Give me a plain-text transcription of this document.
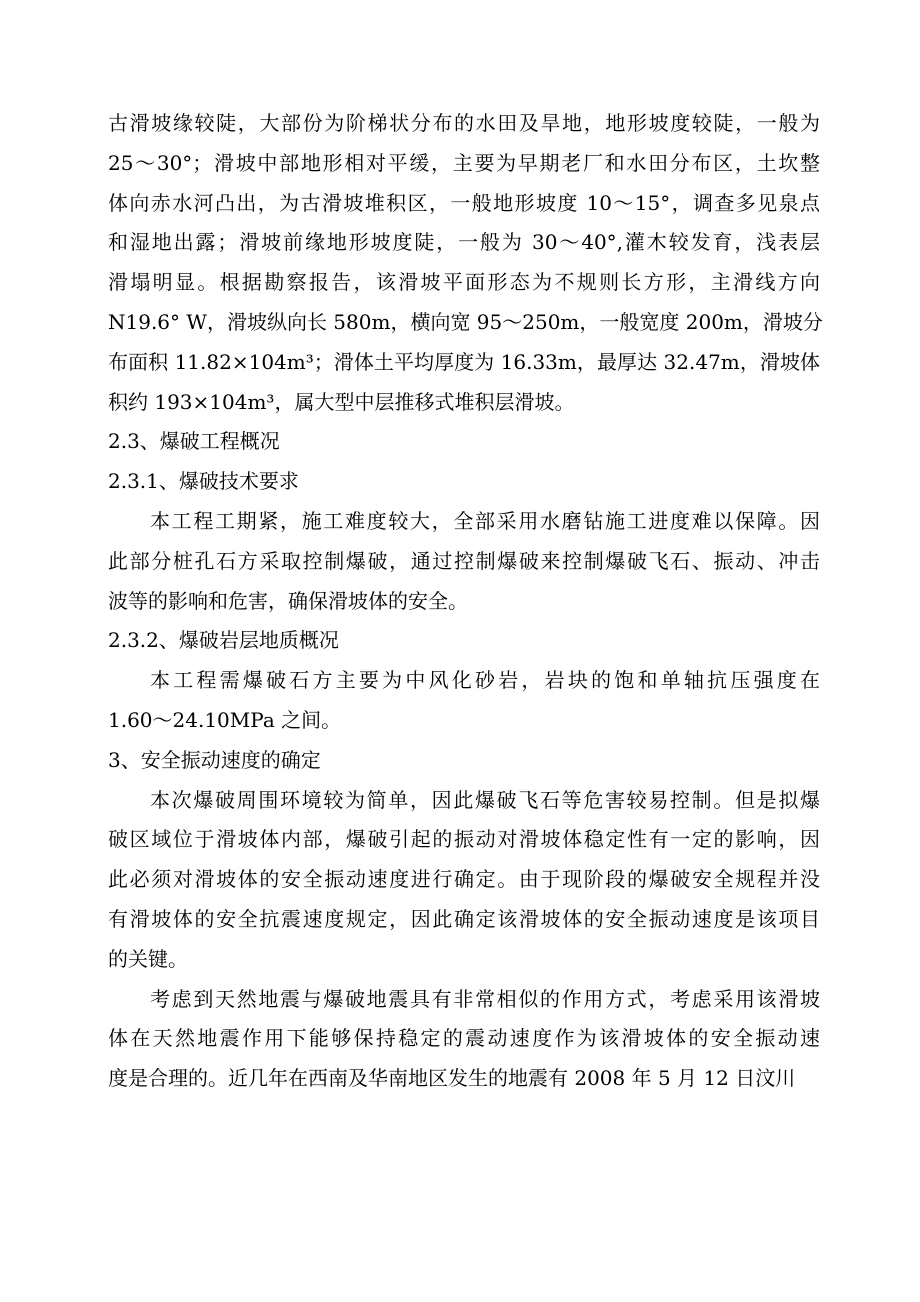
古滑坡缘较陡，大部份为阶梯状分布的水田及旱地，地形坡度较陡，一般为
25～30°；滑坡中部地形相对平缓，主要为早期老厂和水田分布区，土坎整
体向赤水河凸出，为古滑坡堆积区，一般地形坡度 10～15°，调查多见泉点
和湿地出露；滑坡前缘地形坡度陡，一般为 30～40°,灌木较发育，浅表层
滑塌明显。根据勘察报告，该滑坡平面形态为不规则长方形，主滑线方向
N19.6° W，滑坡纵向长 580m，横向宽 95～250m，一般宽度 200m，滑坡分
布面积 11.82×104m³；滑体土平均厚度为 16.33m，最厚达 32.47m，滑坡体
积约 193×104m³，属大型中层推移式堆积层滑坡。
2.3、爆破工程概况
2.3.1、爆破技术要求
本工程工期紧，施工难度较大，全部采用水磨钻施工进度难以保障。因
此部分桩孔石方采取控制爆破，通过控制爆破来控制爆破飞石、振动、冲击
波等的影响和危害，确保滑坡体的安全。
2.3.2、爆破岩层地质概况
本工程需爆破石方主要为中风化砂岩，岩块的饱和单轴抗压强度在
1.60～24.10MPa 之间。
3、安全振动速度的确定
本次爆破周围环境较为简单，因此爆破飞石等危害较易控制。但是拟爆
破区域位于滑坡体内部，爆破引起的振动对滑坡体稳定性有一定的影响，因
此必须对滑坡体的安全振动速度进行确定。由于现阶段的爆破安全规程并没
有滑坡体的安全抗震速度规定，因此确定该滑坡体的安全振动速度是该项目
的关键。
考虑到天然地震与爆破地震具有非常相似的作用方式，考虑采用该滑坡
体在天然地震作用下能够保持稳定的震动速度作为该滑坡体的安全振动速
度是合理的。近几年在西南及华南地区发生的地震有 2008 年 5 月 12 日汶川
